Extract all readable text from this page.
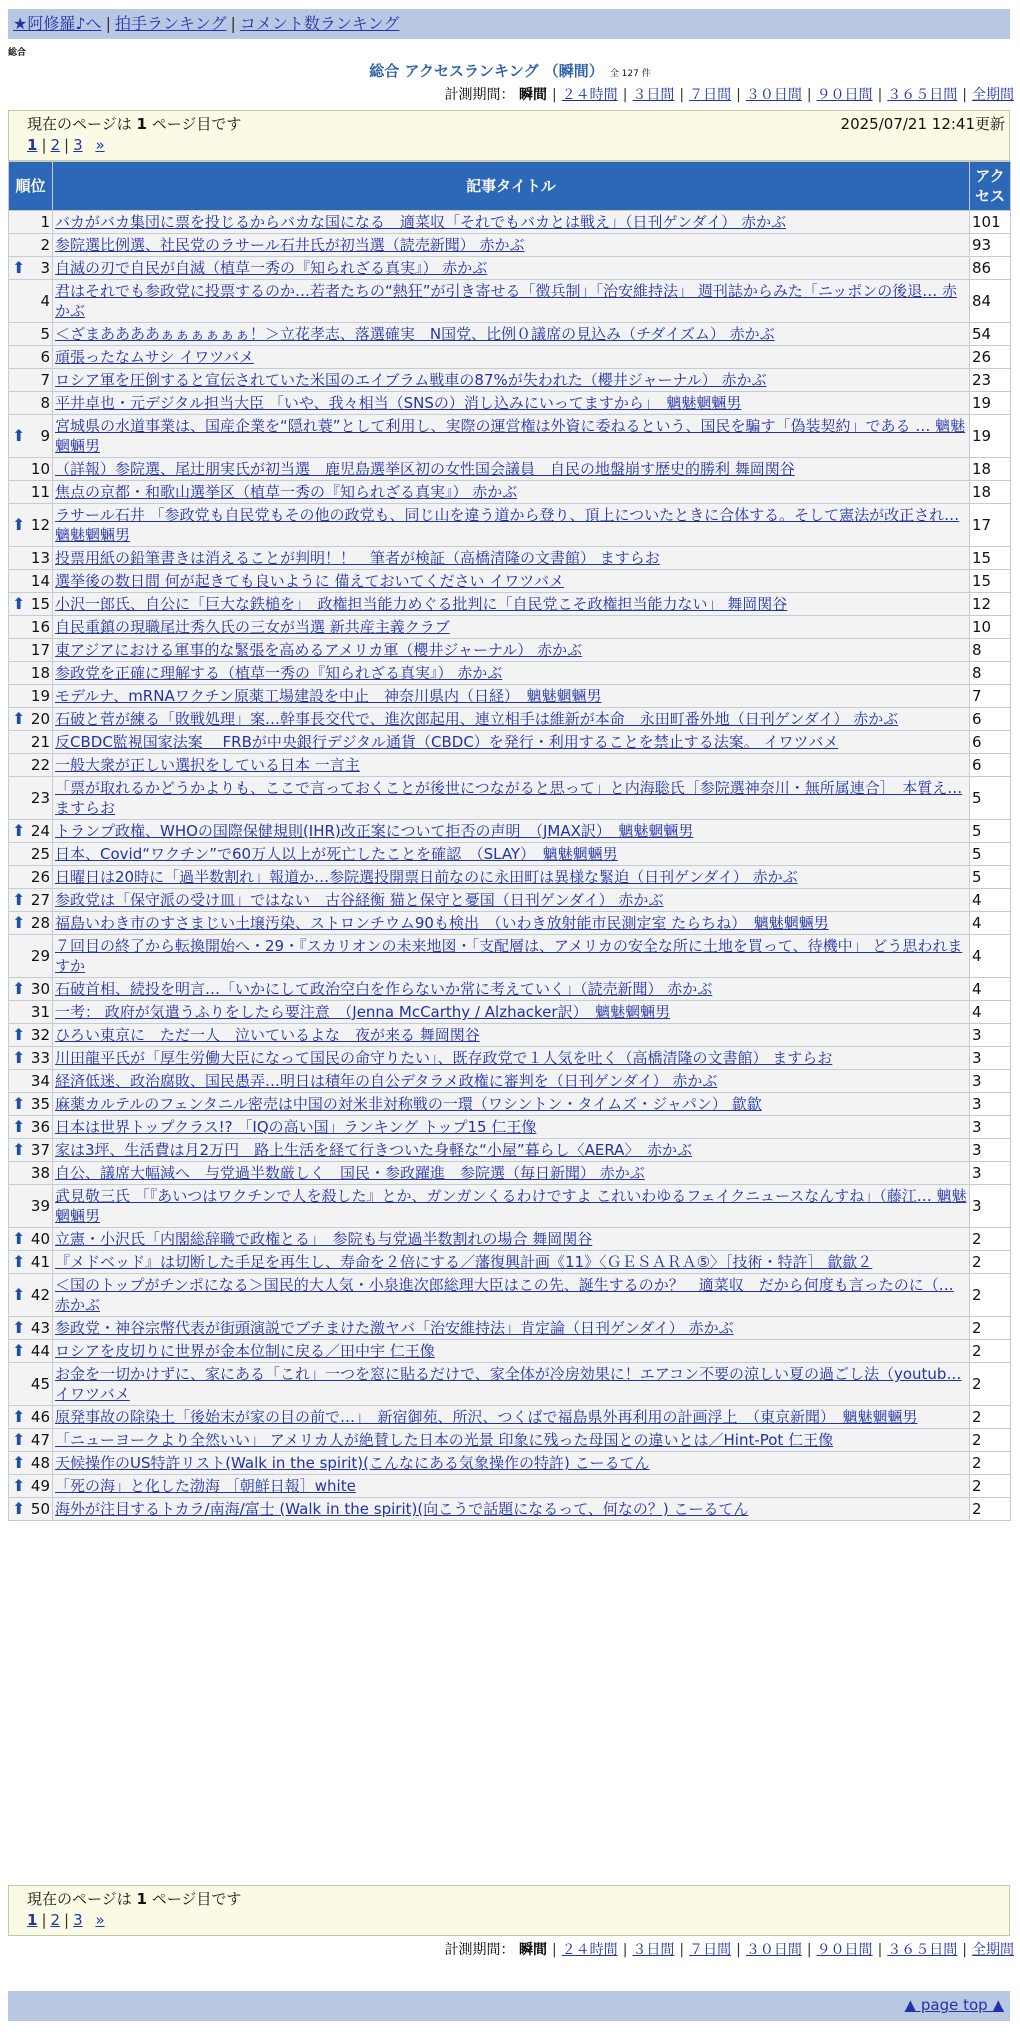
★阿修羅♪へ | 拍手ランキング | コメント数ランキング
総合
総合 アクセスランキング （瞬間） 全 127 件
計測期間： 瞬間 | ２４時間 | ３日間 | ７日間 | ３０日間 | ９０日間 | ３６５日間 | 全期間
現在のページは 1 ページ目です	2025/07/21 12:41更新
1 | 2 | 3 »
順位	記事タイトル	アクセス
1	バカがバカ集団に票を投じるからバカな国になる　適菜収「それでもバカとは戦え」（日刊ゲンダイ） 赤かぶ	101
2	参院選比例選、社民党のラサール石井氏が初当選（読売新聞） 赤かぶ	93

⬆ 3	自滅の刃で自民が自滅（植草一秀の『知られざる真実』） 赤かぶ	86
4	君はそれでも参政党に投票するのか…若者たちの“熱狂”が引き寄せる「徴兵制」「治安維持法」 週刊誌からみた「ニッポンの後退… 赤かぶ	84
5	＜ざまああああぁぁぁぁぁぁ！＞立花孝志、落選確実　N国党、比例０議席の見込み（チダイズム） 赤かぶ	54
6	頑張ったなムサシ イワツバメ	26
7	ロシア軍を圧倒すると宣伝されていた米国のエイブラム戦車の87%が失われた（櫻井ジャーナル） 赤かぶ	23
8	平井卓也・元デジタル担当大臣 「いや、我々相当（SNSの）消し込みにいってますから」　魑魅魍魎男	19

⬆ 9	宮城県の水道事業は、国産企業を“隠れ蓑”として利用し、実際の運営権は外資に委ねるという、国民を騙す「偽装契約」である … 魑魅魍魎男	19
10	（詳報）参院選、尾辻朋実氏が初当選　鹿児島選挙区初の女性国会議員　自民の地盤崩す歴史的勝利 舞岡関谷	18
11	焦点の京都・和歌山選挙区（植草一秀の『知られざる真実』） 赤かぶ	18

⬆ 12	ラサール石井 「参政党も自民党もその他の政党も、同じ山を違う道から登り、頂上についたときに合体する。そして憲法が改正され… 魑魅魍魎男	17
13	投票用紙の鉛筆書きは消えることが判明！！　筆者が検証（高橋清隆の文書館） ますらお	15
14	選挙後の数日間 何が起きても良いように 備えておいてください イワツバメ	15

⬆ 15	小沢一郎氏、自公に「巨大な鉄槌を」　政権担当能力めぐる批判に「自民党こそ政権担当能力ない」 舞岡関谷	12
16	自民重鎮の現職尾辻秀久氏の三女が当選 新共産主義クラブ	10
17	東アジアにおける軍事的な緊張を高めるアメリカ軍（櫻井ジャーナル） 赤かぶ	8
18	参政党を正確に理解する（植草一秀の『知られざる真実』） 赤かぶ	8
19	モデルナ、mRNAワクチン原薬工場建設を中止　神奈川県内（日経）　魑魅魍魎男	7

⬆ 20	石破と菅が練る「敗戦処理」案…幹事長交代で、進次郎起用、連立相手は維新が本命　永田町番外地（日刊ゲンダイ） 赤かぶ	6
21	反CBDC監視国家法案　 FRBが中央銀行デジタル通貨（CBDC）を発行・利用することを禁止する法案。 イワツバメ	6
22	一般大衆が正しい選択をしている日本 一言主	6
23	「票が取れるかどうかよりも、ここで言っておくことが後世につながると思って」と内海聡氏［参院選神奈川・無所属連合］　本質え… ますらお	5

⬆ 24	トランプ政権、WHOの国際保健規則(IHR)改正案について拒否の声明　（JMAX訳）　魑魅魍魎男	5
25	日本、Covid“ワクチン”で60万人以上が死亡したことを確認　（SLAY）　魑魅魍魎男	5
26	日曜日は20時に「過半数割れ」報道か…参院選投開票日前なのに永田町は異様な緊迫（日刊ゲンダイ） 赤かぶ	5

⬆ 27	参政党は「保守派の受け皿」ではない　古谷経衡 猫と保守と憂国（日刊ゲンダイ） 赤かぶ	4

⬆ 28	福島いわき市のすさまじい土壌汚染、ストロンチウム90も検出　（いわき放射能市民測定室 たらちね）　魑魅魍魎男	4
29	７回目の終了から転換開始へ・29・『スカリオンの未来地図・「支配層は、アメリカの安全な所に土地を買って、待機中」 どう思われますか	4

⬆ 30	石破首相、続投を明言…「いかにして政治空白を作らないか常に考えていく」（読売新聞） 赤かぶ	4
31	一考： 政府が気遣うふりをしたら要注意　（Jenna McCarthy / Alzhacker訳）　魑魅魍魎男	4

⬆ 32	ひろい東京に　ただ一人　泣いているよな　夜が来る 舞岡関谷	3

⬆ 33	川田龍平氏が「厚生労働大臣になって国民の命守りたい」、既存政党で１人気を吐く（高橋清隆の文書館） ますらお	3
34	経済低迷、政治腐敗、国民愚弄…明日は積年の自公デタラメ政権に審判を（日刊ゲンダイ） 赤かぶ	3

⬆ 35	麻薬カルテルのフェンタニル密売は中国の対米非対称戦の一環（ワシントン・タイムズ・ジャパン） 歙歙	3

⬆ 36	日本は世界トップクラス!? 「IQの高い国」ランキング トップ15 仁王像	3

⬆ 37	家は3坪、生活費は月2万円　路上生活を経て行きついた身軽な“小屋”暮らし〈AERA〉　赤かぶ	3
38	自公、議席大幅減へ　与党過半数厳しく　国民・参政躍進　参院選（毎日新聞） 赤かぶ	3
39	武見敬三氏 「『あいつはワクチンで人を殺した』とか、ガンガンくるわけですよ これいわゆるフェイクニュースなんすね」（藤江… 魑魅魍魎男	3

⬆ 40	立憲・小沢氏「内閣総辞職で政権とる」　参院も与党過半数割れの場合 舞岡関谷	2

⬆ 41	『メドベッド』は切断した手足を再生し、寿命を２倍にする／藩復興計画《11》〈ＧＥＳＡＲＡ⑤〉［技術・特許］ 歙歙２	2

⬆ 42	＜国のトップがチンポになる＞国民的大人気・小泉進次郎総理大臣はこの先、誕生するのか？　適菜収　だから何度も言ったのに（… 赤かぶ	2

⬆ 43	参政党・神谷宗幣代表が街頭演説でブチまけた激ヤバ「治安維持法」肯定論（日刊ゲンダイ） 赤かぶ	2

⬆ 44	ロシアを皮切りに世界が金本位制に戻る／田中宇 仁王像	2
45	お金を一切かけずに、家にある「これ」一つを窓に貼るだけで、家全体が冷房効果に！エアコン不要の涼しい夏の過ごし法（youtub… イワツバメ	2

⬆ 46	原発事故の除染土「後始末が家の目の前で…」　新宿御苑、所沢、つくばで福島県外再利用の計画浮上　（東京新聞）　魑魅魍魎男	2

⬆ 47	「ニューヨークより全然いい」 アメリカ人が絶賛した日本の光景 印象に残った母国との違いとは／Hint-Pot 仁王像	2

⬆ 48	天候操作のUS特許リスト(Walk in the spirit)(こんなにある気象操作の特許) こーるてん	2

⬆ 49	「死の海」と化した渤海 ［朝鮮日報］white	2

⬆ 50	海外が注目するトカラ/南海/富士 (Walk in the spirit)(向こうで話題になるって、何なの？) こーるてん	2
現在のページは 1 ページ目です
1 | 2 | 3 »
計測期間： 瞬間 | ２４時間 | ３日間 | ７日間 | ３０日間 | ９０日間 | ３６５日間 | 全期間
▲ page top ▲
